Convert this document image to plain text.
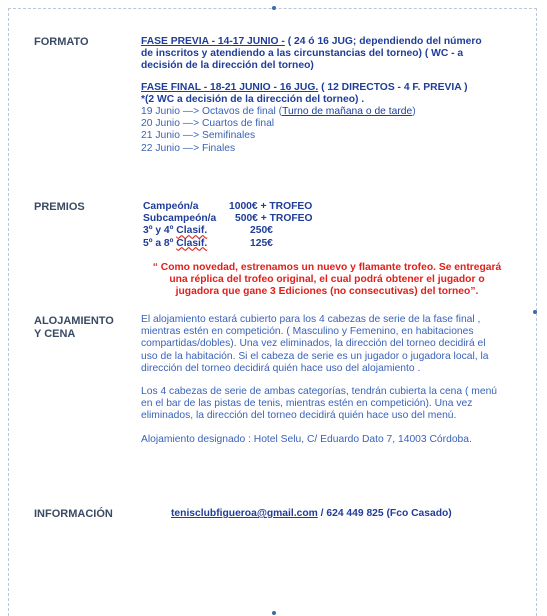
FORMATO	FASE PREVIA - 14-17 JUNIO - ( 24 ó 16 JUG; dependiendo del número
de inscritos y atendiendo a las circunstancias del torneo) ( WC - a
decisión de la dirección del torneo)
FASE FINAL - 18-21 JUNIO - 16 JUG. ( 12 DIRECTOS - 4 F. PREVIA )
*(2 WC a decisión de la dirección del torneo) .
19 Junio —> Octavos de final (Turno de mañana o de tarde)
20 Junio —> Cuartos de final
21 Junio —> Semifinales
22 Junio —> Finales
PREMIOS	Campeón/a	1000€ + TROFEO
Subcampeón/a	500€ + TROFEO
3º y 4º Clasif.	250€
5º a 8º Clasif.	125€
“ Como novedad, estrenamos un nuevo y flamante trofeo. Se entregará
una réplica del trofeo original, el cual podrá obtener el jugador o
jugadora que gane 3 Ediciones (no consecutivas) del torneo”.
ALOJAMIENTO
Y CENA
El alojamiento estará cubierto para los 4 cabezas de serie de la fase final , mientras estén en competición. ( Masculino y Femenino, en habitaciones compartidas/dobles). Una vez eliminados, la dirección del torneo decidirá el uso de la habitación. Si el cabeza de serie es un jugador o jugadora local, la dirección del torneo decidirá quién hace uso del alojamiento .
Los 4 cabezas de serie de ambas categorías, tendrán cubierta la cena ( menú en el bar de las pistas de tenis, mientras estén en competición). Una vez eliminados, la dirección del torneo decidirá quién hace uso del menú.
Alojamiento designado : Hotel Selu, C/ Eduardo Dato 7, 14003 Córdoba.
INFORMACIÓN	tenisclubfigueroa@gmail.com / 624 449 825 (Fco Casado)
